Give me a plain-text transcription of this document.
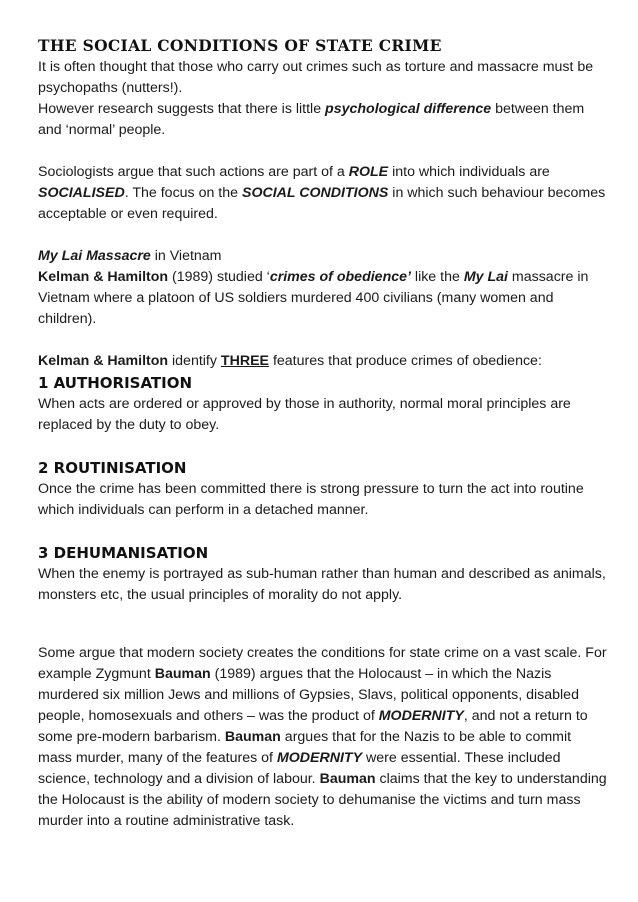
THE SOCIAL CONDITIONS OF STATE CRIME

It is often thought that those who carry out crimes such as torture and massacre must be psychopaths (nutters!).

However research suggests that there is little psychological difference between them and ‘normal’ people.

Sociologists argue that such actions are part of a ROLE into which individuals are SOCIALISED. The focus on the SOCIAL CONDITIONS in which such behaviour becomes acceptable or even required.

My Lai Massacre in Vietnam

Kelman & Hamilton (1989) studied ‘crimes of obedience’ like the My Lai massacre in Vietnam where a platoon of US soldiers murdered 400 civilians (many women and children).

Kelman & Hamilton identify THREE features that produce crimes of obedience:

1 AUTHORISATION

When acts are ordered or approved by those in authority, normal moral principles are replaced by the duty to obey.

2 ROUTINISATION

Once the crime has been committed there is strong pressure to turn the act into routine which individuals can perform in a detached manner.

3 DEHUMANISATION

When the enemy is portrayed as sub-human rather than human and described as animals, monsters etc, the usual principles of morality do not apply.

Some argue that modern society creates the conditions for state crime on a vast scale. For example Zygmunt Bauman (1989) argues that the Holocaust – in which the Nazis murdered six million Jews and millions of Gypsies, Slavs, political opponents, disabled people, homosexuals and others – was the product of MODERNITY, and not a return to some pre-modern barbarism. Bauman argues that for the Nazis to be able to commit mass murder, many of the features of MODERNITY were essential. These included science, technology and a division of labour. Bauman claims that the key to understanding the Holocaust is the ability of modern society to dehumanise the victims and turn mass murder into a routine administrative task.
